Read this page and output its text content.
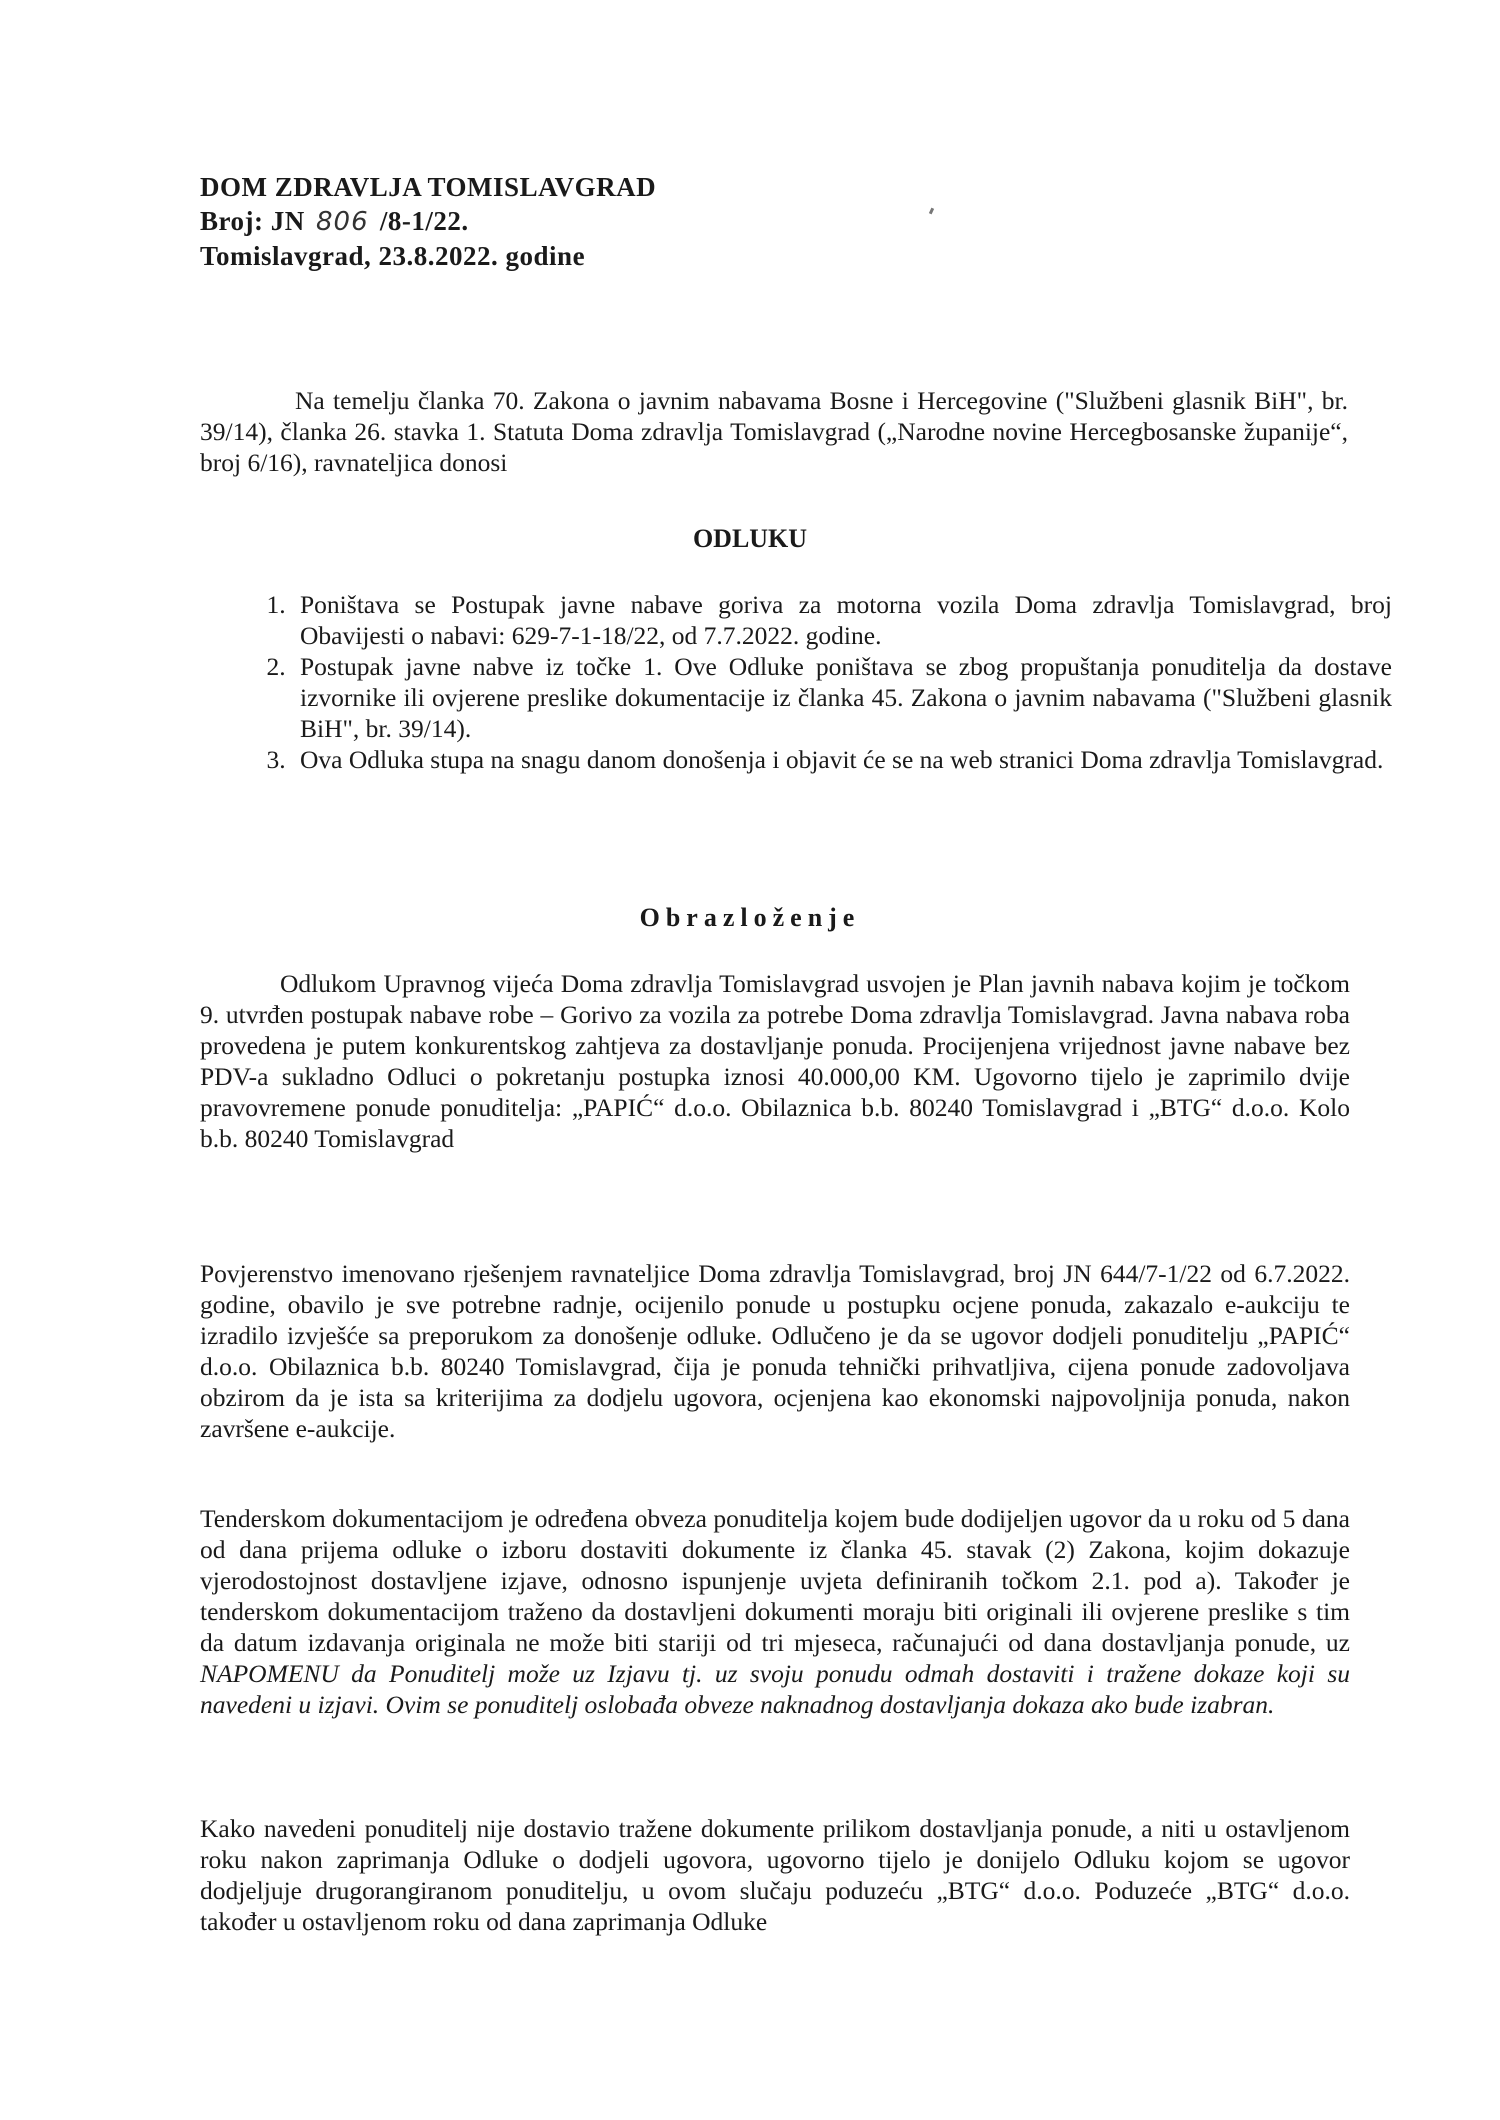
DOM ZDRAVLJA TOMISLAVGRAD
Broj: JN 806 /8-1/22.
Tomislavgrad, 23.8.2022. godine
Na temelju članka 70. Zakona o javnim nabavama Bosne i Hercegovine ("Službeni glasnik BiH", br. 39/14), članka 26. stavka 1. Statuta Doma zdravlja Tomislavgrad („Narodne novine Hercegbosanske županije“, broj 6/16), ravnateljica donosi
ODLUKU
1. Poništava se Postupak javne nabave goriva za motorna vozila Doma zdravlja Tomislavgrad, broj Obavijesti o nabavi: 629-7-1-18/22, od 7.7.2022. godine.
2. Postupak javne nabve iz točke 1. Ove Odluke poništava se zbog propuštanja ponuditelja da dostave izvornike ili ovjerene preslike dokumentacije iz članka 45. Zakona o javnim nabavama ("Službeni glasnik BiH", br. 39/14).
3. Ova Odluka stupa na snagu danom donošenja i objavit će se na web stranici Doma zdravlja Tomislavgrad.
Obrazloženje
Odlukom Upravnog vijeća Doma zdravlja Tomislavgrad usvojen je Plan javnih nabava kojim je točkom 9. utvrđen postupak nabave robe – Gorivo za vozila za potrebe Doma zdravlja Tomislavgrad. Javna nabava roba provedena je putem konkurentskog zahtjeva za dostavljanje ponuda. Procijenjena vrijednost javne nabave bez PDV-a sukladno Odluci o pokretanju postupka iznosi 40.000,00 KM. Ugovorno tijelo je zaprimilo dvije pravovremene ponude ponuditelja: „PAPIĆ“ d.o.o. Obilaznica b.b. 80240 Tomislavgrad i „BTG“ d.o.o. Kolo b.b. 80240 Tomislavgrad
Povjerenstvo imenovano rješenjem ravnateljice Doma zdravlja Tomislavgrad, broj JN 644/7-1/22 od 6.7.2022. godine, obavilo je sve potrebne radnje, ocijenilo ponude u postupku ocjene ponuda, zakazalo e-aukciju te izradilo izvješće sa preporukom za donošenje odluke. Odlučeno je da se ugovor dodjeli ponuditelju „PAPIĆ“ d.o.o. Obilaznica b.b. 80240 Tomislavgrad, čija je ponuda tehnički prihvatljiva, cijena ponude zadovoljava obzirom da je ista sa kriterijima za dodjelu ugovora, ocjenjena kao ekonomski najpovoljnija ponuda, nakon završene e-aukcije.
Tenderskom dokumentacijom je određena obveza ponuditelja kojem bude dodijeljen ugovor da u roku od 5 dana od dana prijema odluke o izboru dostaviti dokumente iz članka 45. stavak (2) Zakona, kojim dokazuje vjerodostojnost dostavljene izjave, odnosno ispunjenje uvjeta definiranih točkom 2.1. pod a). Također je tenderskom dokumentacijom traženo da dostavljeni dokumenti moraju biti originali ili ovjerene preslike s tim da datum izdavanja originala ne može biti stariji od tri mjeseca, računajući od dana dostavljanja ponude, uz NAPOMENU da Ponuditelj može uz Izjavu tj. uz svoju ponudu odmah dostaviti i tražene dokaze koji su navedeni u izjavi. Ovim se ponuditelj oslobađa obveze naknadnog dostavljanja dokaza ako bude izabran.
Kako navedeni ponuditelj nije dostavio tražene dokumente prilikom dostavljanja ponude, a niti u ostavljenom roku nakon zaprimanja Odluke o dodjeli ugovora, ugovorno tijelo je donijelo Odluku kojom se ugovor dodjeljuje drugorangiranom ponuditelju, u ovom slučaju poduzeću „BTG“ d.o.o. Poduzeće „BTG“ d.o.o. također u ostavljenom roku od dana zaprimanja Odluke
